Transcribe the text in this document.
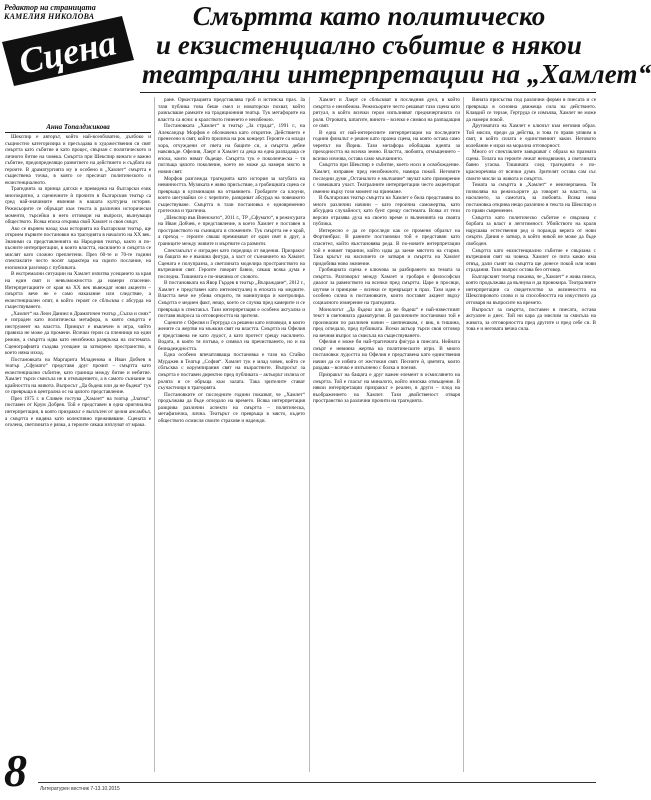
Редактор на страницата
КАМЕЛИЯ НИКОЛОВА
Сцена
Смъртта като политическо
и екзистенциално събитие в някои
театрални интерпретации на „Хамлет“
Анна Топалджикова

Шекспир е авторът, който най-всеобхватно, дълбоко и същностно категоризира и пресъздава в художествения си свят смъртта като събитие и като процес, свързан с политическото и личното битие на човека. Смъртта при Шекспир винаги е важно събитие, предопределящо развитието на действието и съдбата на героите. В драматургията му и особено в „Хамлет“ смъртта е съществена точка, в която се пресичат политическото и екзистенциалното.

Трагедията за принца датски е преведена на български език многократно, а сценичните ѝ прочити в българския театър са сред най-значимите явления в нашата културна история. Режисьорите се обръщат към текста в различни исторически моменти, търсейки в него отговори на въпроси, вълнуващи обществото. Всяка епоха открива свой Хамлет и своя смърт.

Ако се върнем назад към историята на българския театър, ще открием първите постановки на трагедията в началото на ХХ век. Значими са представленията на Народния театър, както и по-късните интерпретации, в които властта, насилието и смъртта се мислят като сложно преплетени. През 60-те и 70-те години спектаклите често носят характера на скрито послание, на езоповски разговор с публиката.

В екстремални ситуации на Хамлет изпитва усещането за края на един свят и невъзможността да намери спасение. Интерпретациите от края на ХХ век въвеждат нови акценти – смъртта вече не е само наказание или следствие, а екзистенциален опит, в който героят се сблъсква с абсурда на съществуването.

„Хамлет“ на Леон Даниел в Драматичен театър „Сълза и смях“ е изграден като политическа метафора, в която смъртта е инструмент на властта. Принцът е въвлечен в игра, чийто правила не може да промени. Всички герои са пленници на един режим, а смъртта идва като неизбежна развръзка на системата. Сценографията създава усещане за затворено пространство, в което няма изход.

Постановката на Маргарита Младенова и Иван Добчев в театър „Сфумато“ представя друг прочит – смъртта като екзистенциално събитие, като граница между битие и небитие. Хамлет търси смисъла не в отмъщението, а в самото съзнание за крайността на живота. Въпросът „Да бъдеш или да не бъдеш“ тук се превръща в централна ос на цялото представление.

През 1975 г. в Сливен гостува „Хамлет“ на театър „Златна“, поставен от Крум Добрев. Той е представен в една оригинална интерпретация, в която призракът е въплътен от целия ансамбъл, а смъртта е видяна като колективно преживяване. Сцената е оголена, светлината е рязка, а героите сякаш изплуват от мрака.

ране. Оркестрацията представлява гроб и истинска прах. За тази публика това беше смел и новаторски похват, който разкъсваше рамките на традиционния театър. Тук метафорите на властта са ясни: в кралството гниенето е неизбежно.

Постановката „Хамлет“ в театър „За страда“, 1991 г., на Александър Морфов е обозначена като откритие. Действието е пренесено в свят, който прилича на рок концерт. Героите са млади хора, отчуждени от света на бащите си, а смъртта дебне навсякъде. Офелия, Лаерт и Хамлет са деца на една разпадаща се епоха, които нямат бъдеще. Смъртта тук е поколенческа – тя поглъща цялото поколение, което не може да намери място в новия свят.

Морфов разглежда трагедията като история за загубата на невинността. Музиката е живо присъствие, а гробищната сцена се превръща в кулминация на отчаянието. Гробарите са клоуни, които шегувайки се с черепите, разкриват абсурда на човешкото съществуване. Смъртта в тази постановка е едновременно гротескна и трагична.

„Шекспир във Виенското“, 2011 г., ТР „Сфумато“, в режисурата на Иван Добчев, е представление, в което Хамлет е поставен в пространството на сънищата и спомените. Тук смъртта не е край, а преход – героите сякаш преминават от един свят в друг, а границите между живите и мъртвите са размити.

Спектакълът е изграден като поредица от видения. Призракът на бащата не е външна фигура, а част от съзнанието на Хамлет. Сцената е полупразна, а светлината моделира пространството на вътрешния свят. Героите говорят бавно, сякаш всяка дума е последна. Тишината е по-значима от словото.

В постановката на Явор Гърдев в театър „Възраждане“, 2012 г., Хамлет е представен като интелектуалец в епохата на медиите. Властта вече не убива открито, тя манипулира и контролира. Смъртта е медиен факт, нещо, което се случва пред камерите и се превръща в спектакъл. Тази интерпретация е особено актуална и поставя въпроса за отговорността на зрителя.

Сцените с Офелия и Гертруда са решени като изповеди, в които жените са жертви на мъжкия свят на властта. Смъртта на Офелия е представена не като лудост, а като протест срещу насилието. Водата, в която тя потъва, е символ на пречистването, но и на безнадеждността.

Една особено впечатляваща постановка е тази на Стайко Мурджев в Театър „София“. Хамлет тук е млад човек, който се сблъсква с корумпирания свят на възрастните. Въпросът за смъртта е поставен директно пред публиката – актьорът излиза от ролята и се обръща към залата. Така зрителите стават съучастници в трагедията.

Постановките от последните години показват, че „Хамлет“ продължава да бъде огледало на времето. Всяка интерпретация разкрива различни аспекти на смъртта – политическа, метафизична, лична. Театърът се превръща в място, където обществото осмисля своите страхове и надежди.

Хамлет и Лаерт се сблъскват в последния дуел, в който смъртта е неизбежна. Режисьорите често решават тази сцена като ритуал, в който всички герои изпълняват предначертаната си роля. Отровата, шпагите, виното – всичко е символ на разпадащия се свят.

В една от най-интересните интерпретации на последните години финалът е решен като празна сцена, на която остава само черепът на Йорик. Тази метафора обобщава идеята за преходността на всичко земно. Властта, любовта, отмъщението – всичко изчезва, остава само мълчанието.

Смъртта при Шекспир е събитие, което носи и освобождение. Хамлет, изправен пред неизбежното, намира покой. Неговите последни думи „Останалото е мълчание“ звучат като примирение с човешката участ. Театралните интерпретации често акцентират именно върху този момент на приемане.

В българския театър смъртта на Хамлет е била представяна по много различни начини – като героична саможертва, като абсурдна случайност, като бунт срещу системата. Всяка от тези версии отразява духа на своето време и вълненията на своята публика.

Интересно е да се проследи как се променя образът на Фортинбрас. В ранните постановки той е представян като спасител, който възстановява реда. В по-новите интерпретации той е новият тиранин, който идва да заеме мястото на стария. Така кръгът на насилието се затваря и смъртта на Хамлет придобива ново значение.

Гробищната сцена е ключова за разбирането на темата за смъртта. Разговорът между Хамлет и гробаря е философски диалог за равенството на всички пред смъртта. Царе и просяци, шутове и принцове – всички се превръщат в прах. Тази идея е особено силна в постановките, които поставят акцент върху социалното измерение на трагедията.

Монологът „Да бъдеш или да не бъдеш“ е най-известният текст в световната драматургия. В различните постановки той е произнасян по различен начин – шепнешком, с вик, в тишина, пред огледало, пред публиката. Всеки актьор търси своя отговор на вечния въпрос за смисъла на съществуването.

Офелия е може би най-трагичната фигура в пиесата. Нейната смърт е невинна жертва на политическите игри. В много постановки лудостта на Офелия е представена като единствения начин да се избяга от жестокия свят. Песните ѝ, цветята, които раздава – всичко е изпълнено с болка и поезия.

Призракът на бащата е друг важен елемент в осмислянето на смъртта. Той е гласът на миналото, който изисква отмъщение. В някои интерпретации призракът е реален, в други – плод на въображението на Хамлет. Тази двойственост отваря пространство за различни прочити на трагедията.

Вината присъства под различни форми в пиесата и се превръща в основна движеща сила на действието. Клавдий се терзае, Гертруда се измъчва, Хамлет не може да намери покой.

Друговатата на Хамлет е ключът към неговия образ. Той мисли, преди да действа, и това го прави уязвим в свят, в който силата е единственият закон. Неговото колебание е израз на морална отговорност.

Много от спектаклите завършват с образа на празната сцена. Телата на героите лежат неподвижни, а светлината бавно угасва. Тишината след трагедията е по-красноречива от всички думи. Зрителят остава сам със своите мисли за живота и смъртта.

Темата за смъртта в „Хамлет“ е неизчерпаема. Тя позволява на режисьорите да говорят за властта, за насилието, за самотата, за любовта. Всяка нова постановка открива нещо различно в текста на Шекспир и го прави съвременен.

Смъртта като политическо събитие е свързана с борбата за власт и легитимност. Убийството на краля нарушава естествения ред и поражда верига от нови смърти. Дания е затвор, в който никой не може да бъде свободен.

Смъртта като екзистенциално събитие е свързана с вътрешния свят на човека. Хамлет се пита какво има отвъд, дали сънят на смъртта ще донесе покой или нови страдания. Този въпрос остава без отговор.

Българският театър показва, че „Хамлет“ е жива пиеса, която продължава да вълнува и да провокира. Театралните интерпретации са свидетелство за жизнеността на Шекспировото слово и за способността на изкуството да отговаря на въпросите на времето.

Въпросът за смъртта, поставен в пиесата, остава актуален и днес. Той ни кара да мислим за смисъла на живота, за отговорността пред другите и пред себе си. В това е и неговата вечна сила.

8	Литературен вестник 7-13.10.2015
